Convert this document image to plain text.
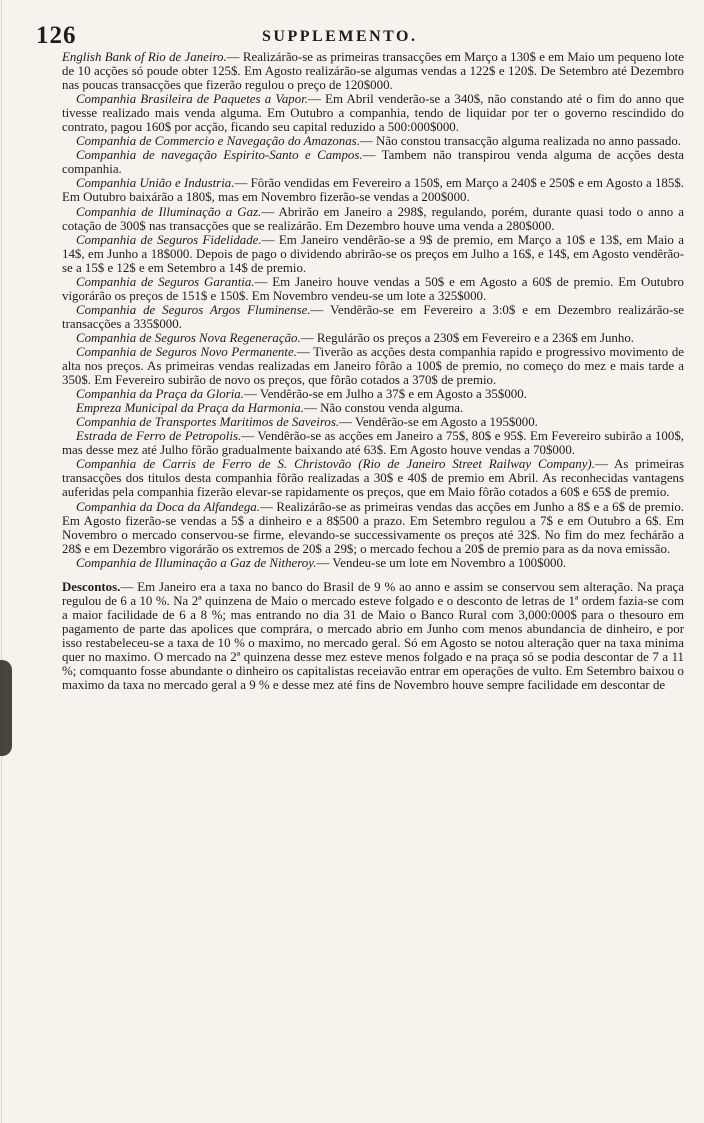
126	SUPPLEMENTO.

English Bank of Rio de Janeiro.— Realizárão-se as primeiras transacções em Março a 130$ e em Maio um pequeno lote de 10 acções só poude obter 125$. Em Agosto realizárão-se algumas vendas a 122$ e 120$. De Setembro até Dezembro nas poucas transacções que fizerão regulou o preço de 120$000.

Companhia Brasileira de Paquetes a Vapor.— Em Abril venderão-se a 340$, não constando até o fim do anno que tivesse realizado mais venda alguma. Em Outubro a companhia, tendo de liquidar por ter o governo rescindido do contrato, pagou 160$ por acção, ficando seu capital reduzido a 500:000$000.

Companhia de Commercio e Navegação do Amazonas.— Não constou transacção alguma realizada no anno passado.

Companhia de navegação Espirito-Santo e Campos.— Tambem não transpirou venda alguma de acções desta companhia.

Companhia União e Industria.— Fôrão vendidas em Fevereiro a 150$, em Março a 240$ e 250$ e em Agosto a 185$. Em Outubro baixárão a 180$, mas em Novembro fizerão-se vendas a 200$000.

Companhia de Illuminação a Gaz.— Abrirão em Janeiro a 298$, regulando, porém, durante quasi todo o anno a cotação de 300$ nas transacções que se realizárão. Em Dezembro houve uma venda a 280$000.

Companhia de Seguros Fidelidade.— Em Janeiro vendêrão-se a 9$ de premio, em Março a 10$ e 13$, em Maio a 14$, em Junho a 18$000. Depois de pago o dividendo abrirão-se os preços em Julho a 16$, e 14$, em Agosto vendêrão-se a 15$ e 12$ e em Setembro a 14$ de premio.

Companhia de Seguros Garantia.— Em Janeiro houve vendas a 50$ e em Agosto a 60$ de premio. Em Outubro vigorárão os preços de 151$ e 150$. Em Novembro vendeu-se um lote a 325$000.

Companhia de Seguros Argos Fluminense.— Vendêrão-se em Fevereiro a 3:0$ e em Dezembro realizárão-se transacções a 335$000.

Companhia de Seguros Nova Regeneração.— Regulárão os preços a 230$ em Fevereiro e a 236$ em Junho.

Companhia de Seguros Novo Permanente.— Tiverão as acções desta companhia rapido e progressivo movimento de alta nos preços. As primeiras vendas realizadas em Janeiro fôrão a 100$ de premio, no começo do mez e mais tarde a 350$. Em Fevereiro subirão de novo os preços, que fôrão cotados a 370$ de premio.

Companhia da Praça da Gloria.— Vendêrão-se em Julho a 37$ e em Agosto a 35$000.

Empreza Municipal da Praça da Harmonia.— Não constou venda alguma.

Companhia de Transportes Maritimos de Saveiros.— Vendêrão-se em Agosto a 195$000.

Estrada de Ferro de Petropolis.— Vendêrão-se as acções em Janeiro a 75$, 80$ e 95$. Em Fevereiro subirão a 100$, mas desse mez até Julho fôrão gradualmente baixando até 63$. Em Agosto houve vendas a 70$000.

Companhia de Carris de Ferro de S. Christovão (Rio de Janeiro Street Railway Company).— As primeiras transacções dos titulos desta companhia fôrão realizadas a 30$ e 40$ de premio em Abril. As reconhecidas vantagens auferidas pela companhia fizerão elevar-se rapidamente os preços, que em Maio fôrão cotados a 60$ e 65$ de premio.

Companhia da Doca da Alfandega.— Realizárão-se as primeiras vendas das acções em Junho a 8$ e a 6$ de premio. Em Agosto fizerão-se vendas a 5$ a dinheiro e a 8$500 a prazo. Em Setembro regulou a 7$ e em Outubro a 6$. Em Novembro o mercado conservou-se firme, elevando-se successivamente os preços até 32$. No fim do mez fechárão a 28$ e em Dezembro vigorárão os extremos de 20$ a 29$; o mercado fechou a 20$ de premio para as da nova emissão.

Companhia de Illuminação a Gaz de Nitheroy.— Vendeu-se um lote em Novembro a 100$000.

Descontos.— Em Janeiro era a taxa no banco do Brasil de 9 % ao anno e assim se conservou sem alteração. Na praça regulou de 6 a 10 %. Na 2ª quinzena de Maio o mercado esteve folgado e o desconto de letras de 1ª ordem fazia-se com a maior facilidade de 6 a 8 %; mas entrando no dia 31 de Maio o Banco Rural com 3,000:000$ para o thesouro em pagamento de parte das apolices que comprára, o mercado abrio em Junho com menos abundancia de dinheiro, e por isso restabeleceu-se a taxa de 10 % o maximo, no mercado geral. Só em Agosto se notou alteração quer na taxa minima quer no maximo. O mercado na 2ª quinzena desse mez esteve menos folgado e na praça só se podia descontar de 7 a 11 %; comquanto fosse abundante o dinheiro os capitalistas receiavão entrar em operações de vulto. Em Setembro baixou o maximo da taxa no mercado geral a 9 % e desse mez até fins de Novembro houve sempre facilidade em descontar de
